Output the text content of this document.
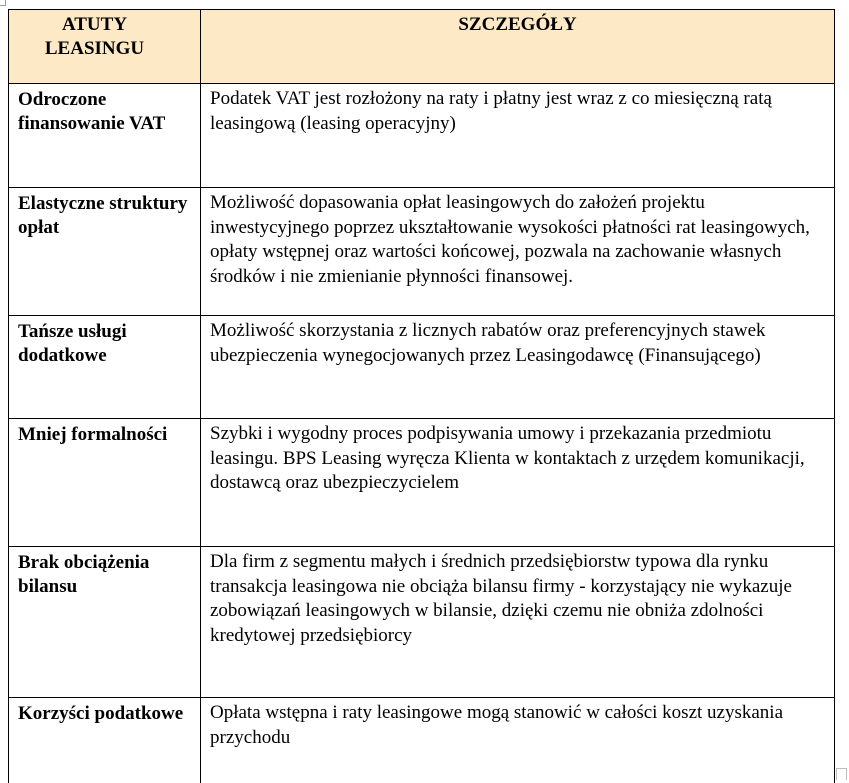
ATUTY LEASINGU	SZCZEGÓŁY

Odroczone finansowanie VAT	Podatek VAT jest rozłożony na raty i płatny jest wraz z co miesięczną ratą leasingową (leasing operacyjny)
Elastyczne struktury opłat	Możliwość dopasowania opłat leasingowych do założeń projektu inwestycyjnego poprzez ukształtowanie wysokości płatności rat leasingowych, opłaty wstępnej oraz wartości końcowej, pozwala na zachowanie własnych środków i nie zmienianie płynności finansowej.
Tańsze usługi dodatkowe	Możliwość skorzystania z licznych rabatów oraz preferencyjnych stawek ubezpieczenia wynegocjowanych przez Leasingodawcę (Finansującego)
Mniej formalności	Szybki i wygodny proces podpisywania umowy i przekazania przedmiotu leasingu. BPS Leasing wyręcza Klienta w kontaktach z urzędem komunikacji, dostawcą oraz ubezpieczycielem
Brak obciążenia bilansu	Dla firm z segmentu małych i średnich przedsiębiorstw typowa dla rynku transakcja leasingowa nie obciąża bilansu firmy - korzystający nie wykazuje zobowiązań leasingowych w bilansie, dzięki czemu nie obniża zdolności kredytowej przedsiębiorcy
Korzyści podatkowe	Opłata wstępna i raty leasingowe mogą stanowić w całości koszt uzyskania przychodu
